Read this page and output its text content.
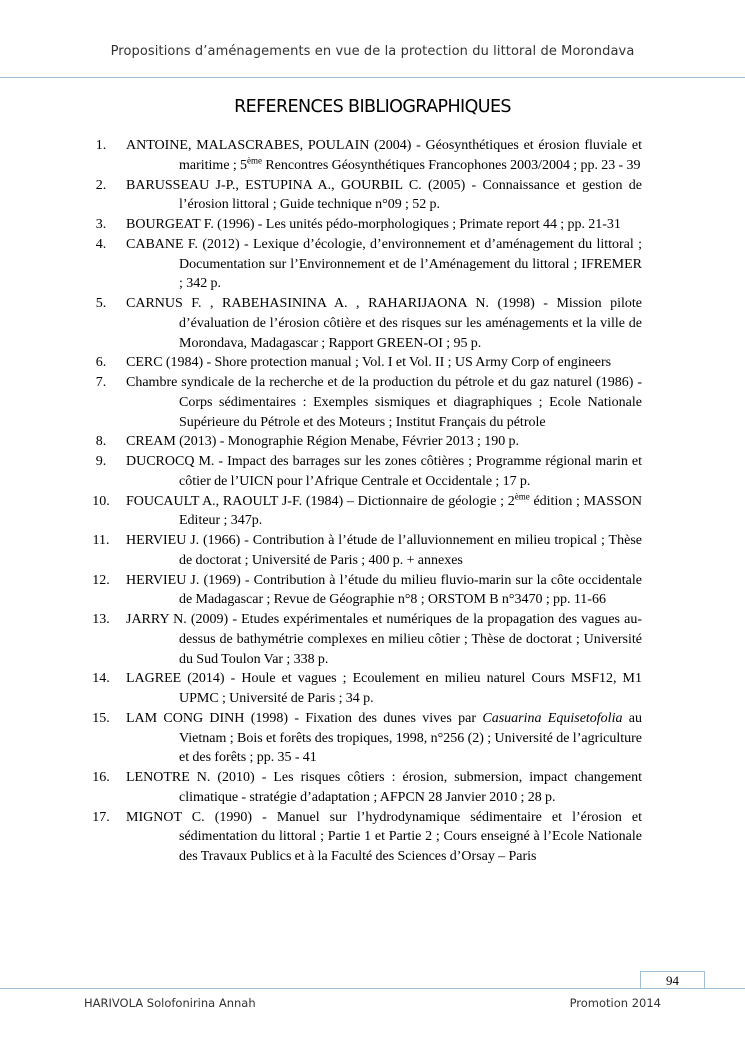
Propositions d’aménagements en vue de la protection du littoral de Morondava
REFERENCES BIBLIOGRAPHIQUES
1.	ANTOINE, MALASCRABES, POULAIN (2004) - Géosynthétiques et érosion fluviale et maritime ; 5ème Rencontres Géosynthétiques Francophones 2003/2004 ; pp. 23 - 39
2.	BARUSSEAU J-P., ESTUPINA A., GOURBIL C. (2005) - Connaissance et gestion de l’érosion littoral ; Guide technique n°09 ; 52 p.
3.	BOURGEAT F. (1996) - Les unités pédo-morphologiques ; Primate report 44 ; pp. 21-31
4.	CABANE F. (2012) - Lexique d’écologie, d’environnement et d’aménagement du littoral ; Documentation sur l’Environnement et de l’Aménagement du littoral ; IFREMER ; 342 p.
5.	CARNUS F. , RABEHASININA A. , RAHARIJAONA N. (1998) - Mission pilote d’évaluation de l’érosion côtière et des risques sur les aménagements et la ville de Morondava, Madagascar ; Rapport GREEN-OI ; 95 p.
6.	CERC (1984) - Shore protection manual ; Vol. I et Vol. II ; US Army Corp of engineers
7.	Chambre syndicale de la recherche et de la production du pétrole et du gaz naturel (1986) - Corps sédimentaires : Exemples sismiques et diagraphiques ; Ecole Nationale Supérieure du Pétrole et des Moteurs ; Institut Français du pétrole
8.	CREAM (2013) - Monographie Région Menabe, Février 2013 ; 190 p.
9.	DUCROCQ M. - Impact des barrages sur les zones côtières ; Programme régional marin et côtier de l’UICN pour l’Afrique Centrale et Occidentale ; 17 p.
10.	FOUCAULT A., RAOULT J-F. (1984) – Dictionnaire de géologie ; 2ème édition ; MASSON Editeur ; 347p.
11.	HERVIEU J. (1966) - Contribution à l’étude de l’alluvionnement en milieu tropical ; Thèse de doctorat ; Université de Paris ; 400 p. + annexes
12.	HERVIEU J. (1969) - Contribution à l’étude du milieu fluvio-marin sur la côte occidentale de Madagascar ; Revue de Géographie n°8 ; ORSTOM B n°3470 ; pp. 11-66
13.	JARRY N. (2009) - Etudes expérimentales et numériques de la propagation des vagues au-dessus de bathymétrie complexes en milieu côtier ; Thèse de doctorat ; Université du Sud Toulon Var ; 338 p.
14.	LAGREE (2014) - Houle et vagues ; Ecoulement en milieu naturel Cours MSF12, M1 UPMC ; Université de Paris ; 34 p.
15.	LAM CONG DINH (1998) - Fixation des dunes vives par Casuarina Equisetofolia au Vietnam ; Bois et forêts des tropiques, 1998, n°256 (2) ; Université de l’agriculture et des forêts ; pp. 35 - 41
16.	LENOTRE N. (2010) - Les risques côtiers : érosion, submersion, impact changement climatique - stratégie d’adaptation ; AFPCN 28 Janvier 2010 ; 28 p.
17.	MIGNOT C. (1990) - Manuel sur l’hydrodynamique sédimentaire et l’érosion et sédimentation du littoral ; Partie 1 et Partie 2 ; Cours enseigné à l’Ecole Nationale des Travaux Publics et à la Faculté des Sciences d’Orsay – Paris
94
HARIVOLA Solofonirina Annah	Promotion 2014
